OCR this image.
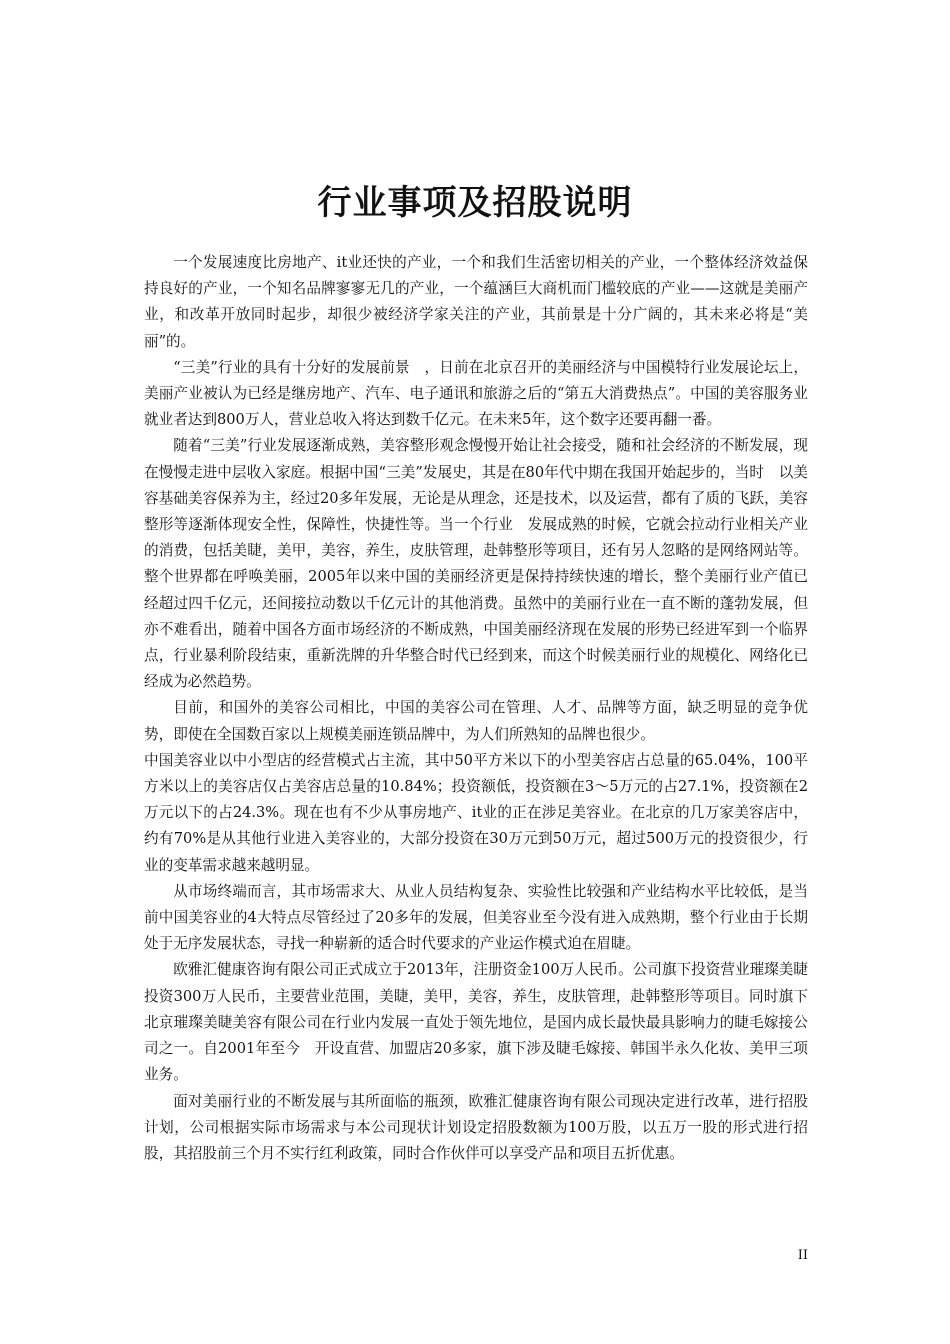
行业事项及招股说明

一个发展速度比房地产、it业还快的产业，一个和我们生活密切相关的产业，一个整体经济效益保持良好的产业，一个知名品牌寥寥无几的产业，一个蕴涵巨大商机而门槛较底的产业——这就是美丽产业，和改革开放同时起步，却很少被经济学家关注的产业，其前景是十分广阔的，其未来必将是“美丽”的。

“三美”行业的具有十分好的发展前景　，日前在北京召开的美丽经济与中国模特行业发展论坛上，美丽产业被认为已经是继房地产、汽车、电子通讯和旅游之后的“第五大消费热点”。中国的美容服务业就业者达到800万人，营业总收入将达到数千亿元。在未来5年，这个数字还要再翻一番。

随着“三美”行业发展逐渐成熟，美容整形观念慢慢开始让社会接受，随和社会经济的不断发展，现在慢慢走进中层收入家庭。根据中国“三美”发展史，其是在80年代中期在我国开始起步的，当时　以美容基础美容保养为主，经过20多年发展，无论是从理念，还是技术，以及运营，都有了质的飞跃，美容整形等逐渐体现安全性，保障性，快捷性等。当一个行业　发展成熟的时候，它就会拉动行业相关产业的消费，包括美睫，美甲，美容，养生，皮肤管理，赴韩整形等项目，还有另人忽略的是网络网站等。整个世界都在呼唤美丽，2005年以来中国的美丽经济更是保持持续快速的增长，整个美丽行业产值已经超过四千亿元，还间接拉动数以千亿元计的其他消费。虽然中的美丽行业在一直不断的蓬勃发展，但亦不难看出，随着中国各方面市场经济的不断成熟，中国美丽经济现在发展的形势已经进军到一个临界点，行业暴利阶段结束，重新洗牌的升华整合时代已经到来，而这个时候美丽行业的规模化、网络化已经成为必然趋势。

目前，和国外的美容公司相比，中国的美容公司在管理、人才、品牌等方面，缺乏明显的竞争优势，即使在全国数百家以上规模美丽连锁品牌中，为人们所熟知的品牌也很少。

中国美容业以中小型店的经营模式占主流，其中50平方米以下的小型美容店占总量的65.04%，100平方米以上的美容店仅占美容店总量的10.84%；投资额低，投资额在3～5万元的占27.1%，投资额在2万元以下的占24.3%。现在也有不少从事房地产、it业的正在涉足美容业。在北京的几万家美容店中，约有70%是从其他行业进入美容业的，大部分投资在30万元到50万元，超过500万元的投资很少，行业的变革需求越来越明显。

从市场终端而言，其市场需求大、从业人员结构复杂、实验性比较强和产业结构水平比较低，是当前中国美容业的4大特点尽管经过了20多年的发展，但美容业至今没有进入成熟期，整个行业由于长期处于无序发展状态，寻找一种崭新的适合时代要求的产业运作模式迫在眉睫。

欧雅汇健康咨询有限公司正式成立于2013年，注册资金100万人民币。公司旗下投资营业璀璨美睫投资300万人民币，主要营业范围，美睫，美甲，美容，养生，皮肤管理，赴韩整形等项目。同时旗下北京璀璨美睫美容有限公司在行业内发展一直处于领先地位，是国内成长最快最具影响力的睫毛嫁接公司之一。自2001年至今　开设直营、加盟店20多家，旗下涉及睫毛嫁接、韩国半永久化妆、美甲三项业务。

面对美丽行业的不断发展与其所面临的瓶颈，欧雅汇健康咨询有限公司现决定进行改革，进行招股计划，公司根据实际市场需求与本公司现状计划设定招股数额为100万股，以五万一股的形式进行招股，其招股前三个月不实行红利政策，同时合作伙伴可以享受产品和项目五折优惠。

II
